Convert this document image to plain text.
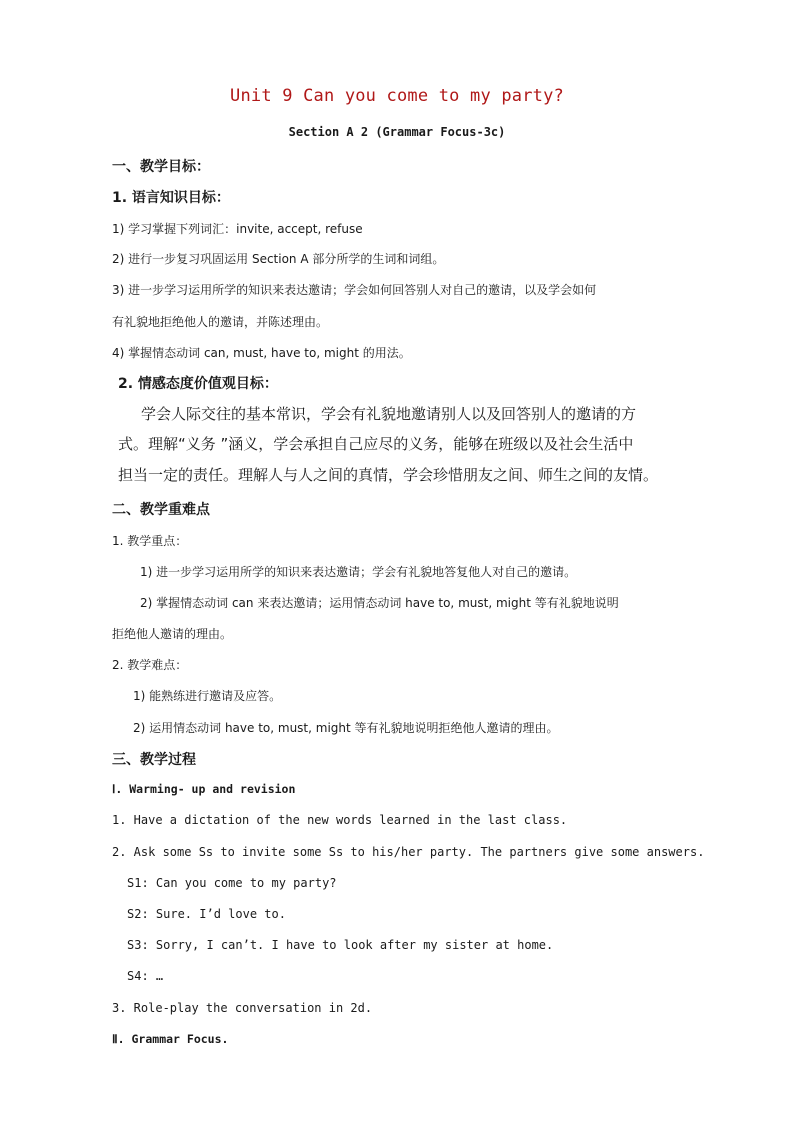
Unit 9 Can you come to my party?
Section A 2 (Grammar Focus-3c)
一、教学目标：
1. 语言知识目标：
1) 学习掌握下列词汇：invite, accept, refuse
2) 进行一步复习巩固运用 Section A 部分所学的生词和词组。
3) 进一步学习运用所学的知识来表达邀请；学会如何回答别人对自己的邀请，以及学会如何
有礼貌地拒绝他人的邀请，并陈述理由。
4) 掌握情态动词 can, must, have to, might 的用法。
2. 情感态度价值观目标：
学会人际交往的基本常识，学会有礼貌地邀请别人以及回答别人的邀请的方
式。理解“义务 ”涵义，学会承担自己应尽的义务，能够在班级以及社会生活中
担当一定的责任。理解人与人之间的真情，学会珍惜朋友之间、师生之间的友情。
二、教学重难点
1. 教学重点：
1) 进一步学习运用所学的知识来表达邀请；学会有礼貌地答复他人对自己的邀请。
2) 掌握情态动词 can 来表达邀请；运用情态动词 have to, must, might 等有礼貌地说明
拒绝他人邀请的理由。
2. 教学难点：
1) 能熟练进行邀请及应答。
2) 运用情态动词 have to, must, might 等有礼貌地说明拒绝他人邀请的理由。
三、教学过程
Ⅰ. Warming- up and revision
1. Have a dictation of the new words learned in the last class.
2. Ask some Ss to invite some Ss to his/her party. The partners give some answers.
S1: Can you come to my party?
S2: Sure. I’d love to.
S3: Sorry, I can’t. I have to look after my sister at home.
S4: …
3. Role-play the conversation in 2d.
Ⅱ. Grammar Focus.
